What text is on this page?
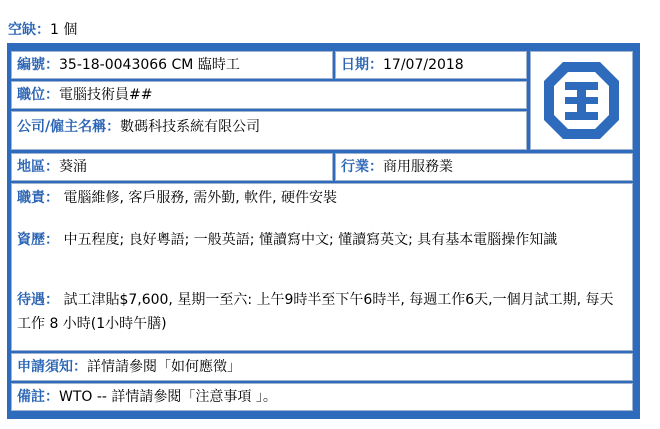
空缺：1 個
編號：35-18-0043066 CM 臨時工	日期：17/07/2018
職位：電腦技術員##
公司/僱主名稱：數碼科技系統有限公司
地區：葵涌	行業：商用服務業

職責： 電腦維修, 客戶服務, 需外勤, 軟件, 硬件安裝

資歷： 中五程度; 良好粵語; 一般英語; 懂讀寫中文; 懂讀寫英文; 具有基本電腦操作知識

待遇： 試工津貼$7,600, 星期一至六: 上午9時半至下午6時半, 每週工作6天,一個月試工期, 每天工作 8 小時(1小時午膳)

申請須知：詳情請參閱「如何應徵」
備註：WTO -- 詳情請參閱「注意事項 」。
